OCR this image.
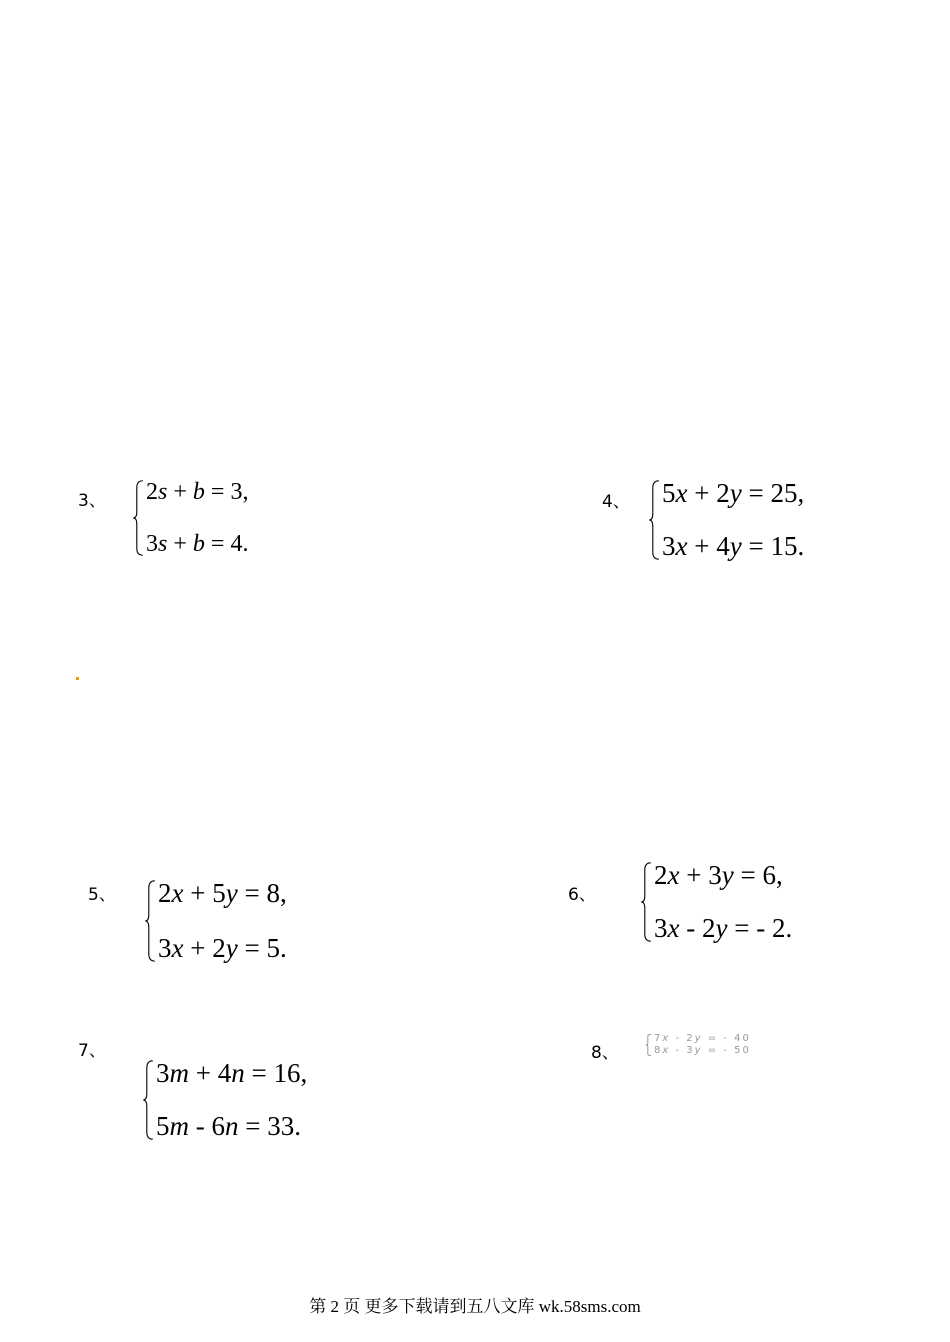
3、 2s + b = 3,
3s + b = 4.
4、 5x + 2y = 25,
3x + 4y = 15.
5、 2x + 5y = 8,
3x + 2y = 5.
6、
2x + 3y = 6,
3x - 2y = - 2.
7、
3m + 4n = 16,
5m - 6n = 33.
8、
7x - 2y = - 40
8x - 3y = - 50
第 2 页 更多下载请到五八文库 wk.58sms.com
